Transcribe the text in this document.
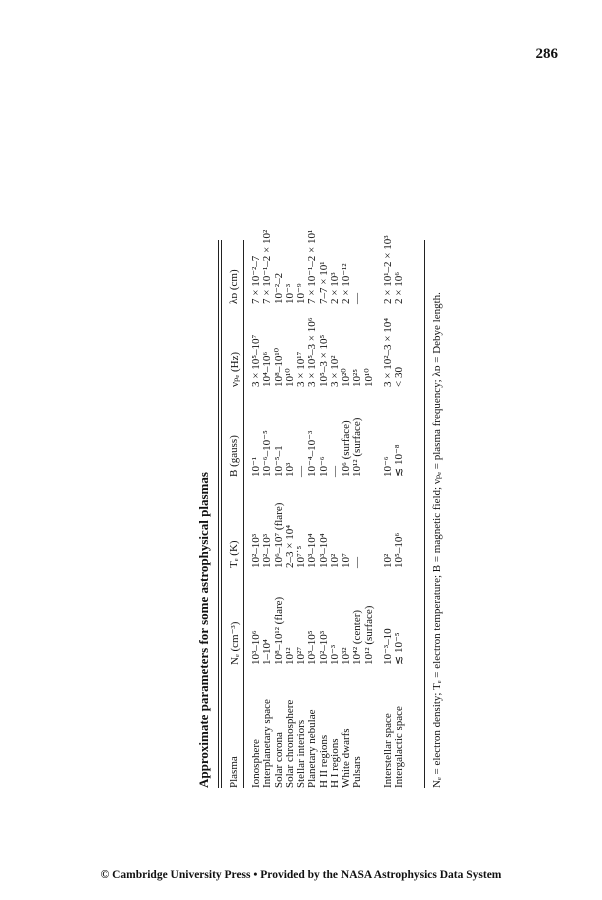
286
Approximate parameters for some astrophysical plasmas Plasma
Nₑ (cm⁻³)
Tₑ (K)
B (gauss)
νₚₑ (Hz)
λᴅ (cm)
Ionosphere
10³–10⁶
10²–10³
10⁻¹
3 × 10⁵–10⁷
7 × 10⁻²–7
Interplanetary space
1–10⁴
10²–10³
10⁻⁶–10⁻⁵
10⁴–10⁶
7 × 10⁻¹–2 × 10²
Solar corona
10⁸–10¹² (flare)
10⁶–10⁷ (flare)
10⁻⁵–1
10⁸–10¹⁰
10⁻²–2
Solar chromosphere
10¹²
2–3 × 10⁴
10³
10¹⁰
10⁻³
Stellar interiors
10²⁷
10⁷˙⁵
—
3 × 10¹⁷
10⁻⁹
Planetary nebulae
10³–10⁵
10³–10⁴
10⁻⁴–10⁻³
3 × 10⁵–3 × 10⁶
7 × 10⁻¹–2 × 10¹
H II regions
10²–10³
10³–10⁴
10⁻⁶
10⁵–3 × 10⁵
7–7 × 10¹
H I regions
10⁻³
10²
—
3 × 10²
2 × 10³
White dwarfs
10³²
10⁷
10⁶ (surface)
10²⁰
2 × 10⁻¹²
Pulsars
10⁴² (center)
—
10¹² (surface)
10²⁵
—
10¹² (surface)
10¹⁰
Interstellar space
10⁻³–10
10²
10⁻⁶
3 × 10²–3 × 10⁴
2 × 10¹–2 × 10³
Intergalactic space
≲ 10⁻⁵
10⁵–10⁶
≲ 10⁻⁸
< 30
2 × 10⁶
Nₑ = electron density; Tₑ = electron temperature; B = magnetic field; νₚₑ = plasma frequency; λᴅ = Debye length.
© Cambridge University Press • Provided by the NASA Astrophysics Data System
